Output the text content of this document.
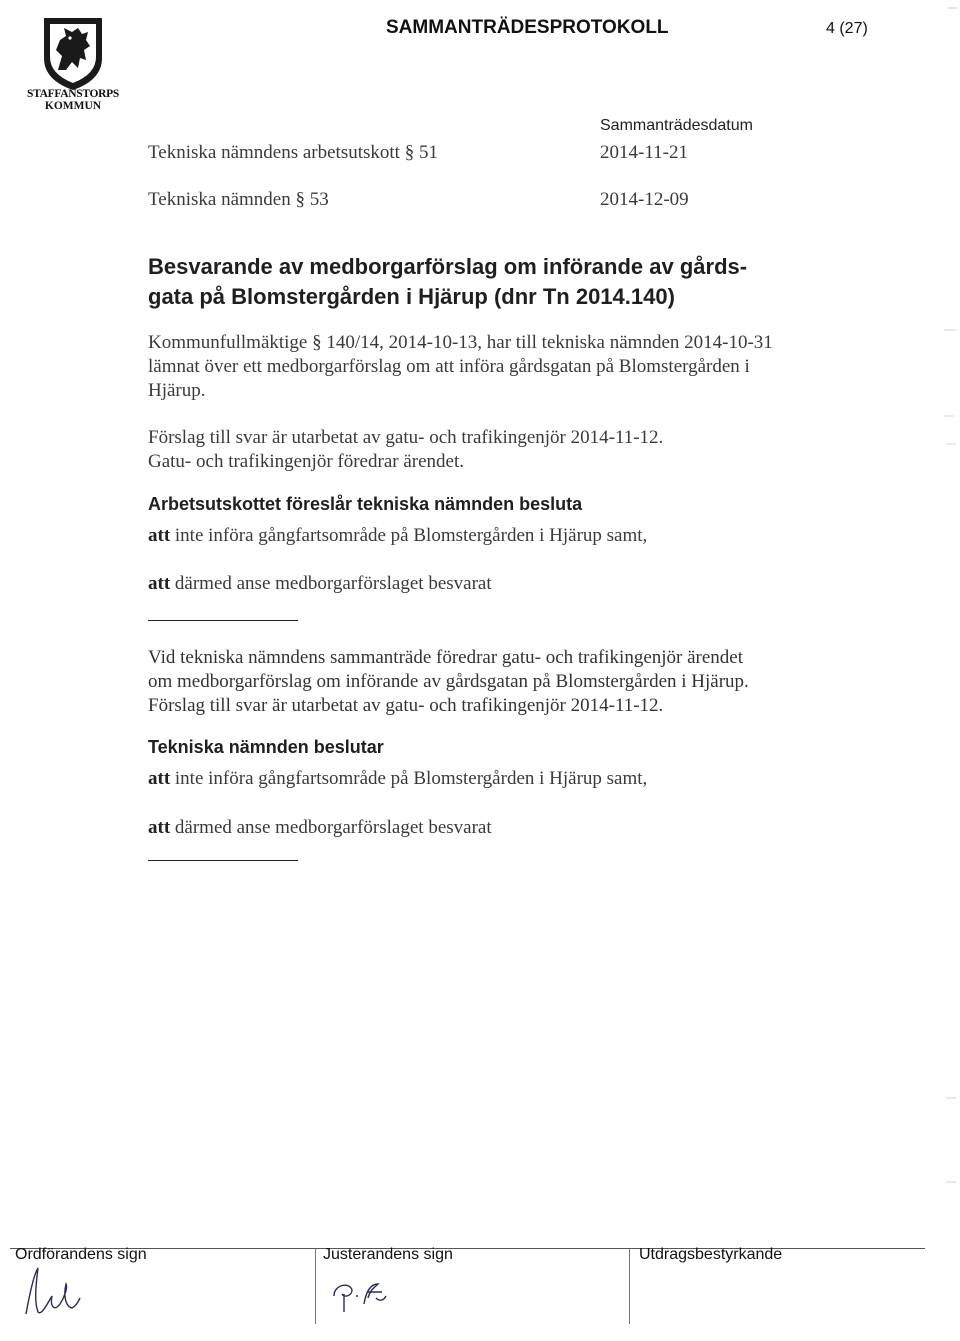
STAFFANSTORPS
KOMMUN
SAMMANTRÄDESPROTOKOLL	4 (27)
Sammanträdesdatum
Tekniska nämndens arbetsutskott § 51	2014-11-21
Tekniska nämnden § 53	2014-12-09
Besvarande av medborgarförslag om införande av gårds-
gata på Blomstergården i Hjärup (dnr Tn 2014.140)
Kommunfullmäktige § 140/14, 2014-10-13, har till tekniska nämnden 2014-10-31
lämnat över ett medborgarförslag om att införa gårdsgatan på Blomstergården i
Hjärup.
Förslag till svar är utarbetat av gatu- och trafikingenjör 2014-11-12.
Gatu- och trafikingenjör föredrar ärendet.
Arbetsutskottet föreslår tekniska nämnden besluta
att inte införa gångfartsområde på Blomstergården i Hjärup samt,
att därmed anse medborgarförslaget besvarat
Vid tekniska nämndens sammanträde föredrar gatu- och trafikingenjör ärendet
om medborgarförslag om införande av gårdsgatan på Blomstergården i Hjärup.
Förslag till svar är utarbetat av gatu- och trafikingenjör 2014-11-12.
Tekniska nämnden beslutar
att inte införa gångfartsområde på Blomstergården i Hjärup samt,
att därmed anse medborgarförslaget besvarat
Ordförandens sign	Justerandens sign	Utdragsbestyrkande
